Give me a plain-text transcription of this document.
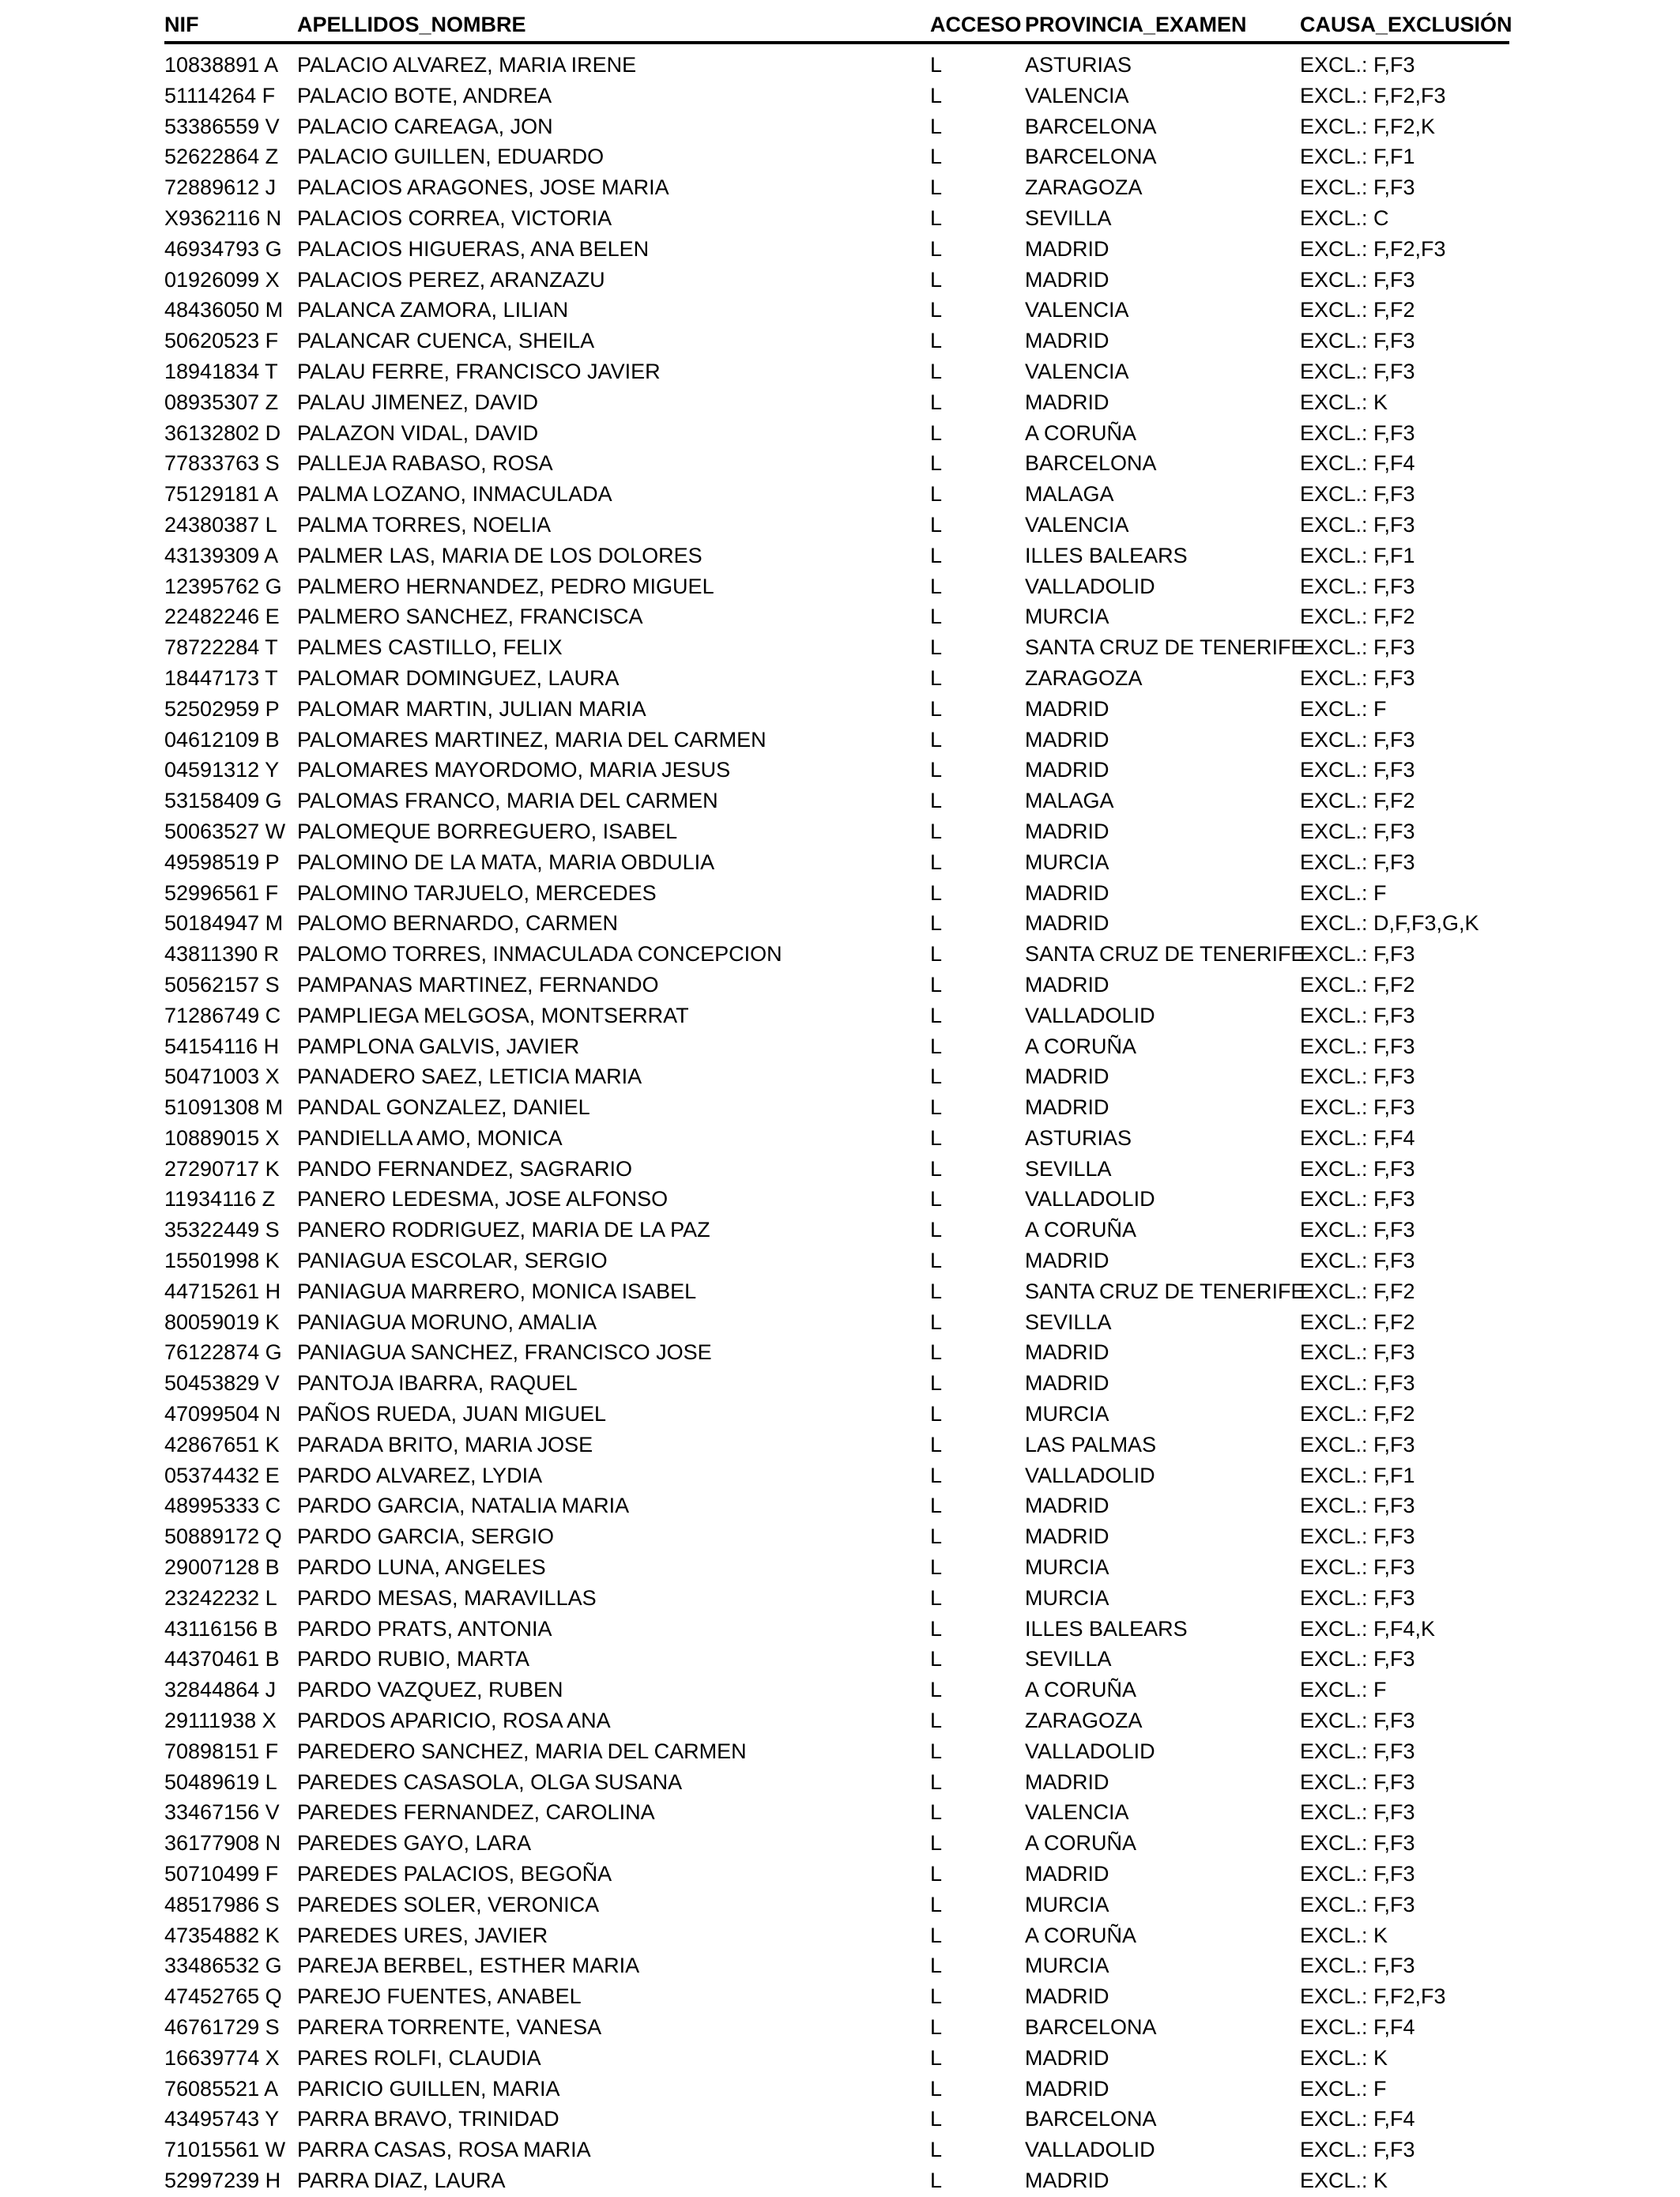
NIF	APELLIDOS_NOMBRE	ACCESO PROVINCIA_EXAMEN CAUSA_EXCLUSIÓN
10838891 A PALACIO ALVAREZ, MARIA IRENE	L	ASTURIAS	EXCL.: F,F3
51114264 F PALACIO BOTE, ANDREA	L	VALENCIA	EXCL.: F,F2,F3
53386559 V PALACIO CAREAGA, JON	L	BARCELONA	EXCL.: F,F2,K
52622864 Z PALACIO GUILLEN, EDUARDO	L	BARCELONA	EXCL.: F,F1
72889612 J PALACIOS ARAGONES, JOSE MARIA	L	ZARAGOZA	EXCL.: F,F3
X9362116 N PALACIOS CORREA, VICTORIA	L	SEVILLA	EXCL.: C
46934793 G PALACIOS HIGUERAS, ANA BELEN	L	MADRID	EXCL.: F,F2,F3
01926099 X PALACIOS PEREZ, ARANZAZU	L	MADRID	EXCL.: F,F3
48436050 M PALANCA ZAMORA, LILIAN	L	VALENCIA	EXCL.: F,F2
50620523 F PALANCAR CUENCA, SHEILA	L	MADRID	EXCL.: F,F3
18941834 T PALAU FERRE, FRANCISCO JAVIER	L	VALENCIA	EXCL.: F,F3
08935307 Z PALAU JIMENEZ, DAVID	L	MADRID	EXCL.: K
36132802 D PALAZON VIDAL, DAVID	L	A CORUÑA	EXCL.: F,F3
77833763 S PALLEJA RABASO, ROSA	L	BARCELONA	EXCL.: F,F4
75129181 A PALMA LOZANO, INMACULADA	L	MALAGA	EXCL.: F,F3
24380387 L PALMA TORRES, NOELIA	L	VALENCIA	EXCL.: F,F3
43139309 A PALMER LAS, MARIA DE LOS DOLORES	L	ILLES BALEARS	EXCL.: F,F1
12395762 G PALMERO HERNANDEZ, PEDRO MIGUEL	L	VALLADOLID	EXCL.: F,F3
22482246 E PALMERO SANCHEZ, FRANCISCA	L	MURCIA	EXCL.: F,F2
78722284 T PALMES CASTILLO, FELIX	L	SANTA CRUZ DE TENERIFE
EXCL.: F,F3
18447173 T PALOMAR DOMINGUEZ, LAURA	L	ZARAGOZA	EXCL.: F,F3
52502959 P PALOMAR MARTIN, JULIAN MARIA	L	MADRID	EXCL.: F
04612109 B PALOMARES MARTINEZ, MARIA DEL CARMEN	L	MADRID	EXCL.: F,F3
04591312 Y PALOMARES MAYORDOMO, MARIA JESUS	L	MADRID	EXCL.: F,F3
53158409 G PALOMAS FRANCO, MARIA DEL CARMEN	L	MALAGA	EXCL.: F,F2
50063527 W PALOMEQUE BORREGUERO, ISABEL	L	MADRID	EXCL.: F,F3
49598519 P PALOMINO DE LA MATA, MARIA OBDULIA	L	MURCIA	EXCL.: F,F3
52996561 F PALOMINO TARJUELO, MERCEDES	L	MADRID	EXCL.: F
50184947 M PALOMO BERNARDO, CARMEN	L	MADRID	EXCL.: D,F,F3,G,K
43811390 R PALOMO TORRES, INMACULADA CONCEPCION	L	SANTA CRUZ DE TENERIFE
EXCL.: F,F3
50562157 S PAMPANAS MARTINEZ, FERNANDO	L	MADRID	EXCL.: F,F2
71286749 C PAMPLIEGA MELGOSA, MONTSERRAT	L	VALLADOLID	EXCL.: F,F3
54154116 H PAMPLONA GALVIS, JAVIER	L	A CORUÑA	EXCL.: F,F3
50471003 X PANADERO SAEZ, LETICIA MARIA	L	MADRID	EXCL.: F,F3
51091308 M PANDAL GONZALEZ, DANIEL	L	MADRID	EXCL.: F,F3
10889015 X PANDIELLA AMO, MONICA	L	ASTURIAS	EXCL.: F,F4
27290717 K PANDO FERNANDEZ, SAGRARIO	L	SEVILLA	EXCL.: F,F3
11934116 Z PANERO LEDESMA, JOSE ALFONSO	L	VALLADOLID	EXCL.: F,F3
35322449 S PANERO RODRIGUEZ, MARIA DE LA PAZ	L	A CORUÑA	EXCL.: F,F3
15501998 K PANIAGUA ESCOLAR, SERGIO	L	MADRID	EXCL.: F,F3
44715261 H PANIAGUA MARRERO, MONICA ISABEL	L	SANTA CRUZ DE TENERIFE
EXCL.: F,F2
80059019 K PANIAGUA MORUNO, AMALIA	L	SEVILLA	EXCL.: F,F2
76122874 G PANIAGUA SANCHEZ, FRANCISCO JOSE	L	MADRID	EXCL.: F,F3
50453829 V PANTOJA IBARRA, RAQUEL	L	MADRID	EXCL.: F,F3
47099504 N PAÑOS RUEDA, JUAN MIGUEL	L	MURCIA	EXCL.: F,F2
42867651 K PARADA BRITO, MARIA JOSE	L	LAS PALMAS	EXCL.: F,F3
05374432 E PARDO ALVAREZ, LYDIA	L	VALLADOLID	EXCL.: F,F1
48995333 C PARDO GARCIA, NATALIA MARIA	L	MADRID	EXCL.: F,F3
50889172 Q PARDO GARCIA, SERGIO	L	MADRID	EXCL.: F,F3
29007128 B PARDO LUNA, ANGELES	L	MURCIA	EXCL.: F,F3
23242232 L PARDO MESAS, MARAVILLAS	L	MURCIA	EXCL.: F,F3
43116156 B PARDO PRATS, ANTONIA	L	ILLES BALEARS	EXCL.: F,F4,K
44370461 B PARDO RUBIO, MARTA	L	SEVILLA	EXCL.: F,F3
32844864 J PARDO VAZQUEZ, RUBEN	L	A CORUÑA	EXCL.: F
29111938 X PARDOS APARICIO, ROSA ANA	L	ZARAGOZA	EXCL.: F,F3
70898151 F PAREDERO SANCHEZ, MARIA DEL CARMEN	L	VALLADOLID	EXCL.: F,F3
50489619 L PAREDES CASASOLA, OLGA SUSANA	L	MADRID	EXCL.: F,F3
33467156 V PAREDES FERNANDEZ, CAROLINA	L	VALENCIA	EXCL.: F,F3
36177908 N PAREDES GAYO, LARA	L	A CORUÑA	EXCL.: F,F3
50710499 F PAREDES PALACIOS, BEGOÑA	L	MADRID	EXCL.: F,F3
48517986 S PAREDES SOLER, VERONICA	L	MURCIA	EXCL.: F,F3
47354882 K PAREDES URES, JAVIER	L	A CORUÑA	EXCL.: K
33486532 G PAREJA BERBEL, ESTHER MARIA	L	MURCIA	EXCL.: F,F3
47452765 Q PAREJO FUENTES, ANABEL	L	MADRID	EXCL.: F,F2,F3
46761729 S PARERA TORRENTE, VANESA	L	BARCELONA	EXCL.: F,F4
16639774 X PARES ROLFI, CLAUDIA	L	MADRID	EXCL.: K
76085521 A PARICIO GUILLEN, MARIA	L	MADRID	EXCL.: F
43495743 Y PARRA BRAVO, TRINIDAD	L	BARCELONA	EXCL.: F,F4
71015561 W PARRA CASAS, ROSA MARIA	L	VALLADOLID	EXCL.: F,F3
52997239 H PARRA DIAZ, LAURA	L	MADRID	EXCL.: K
